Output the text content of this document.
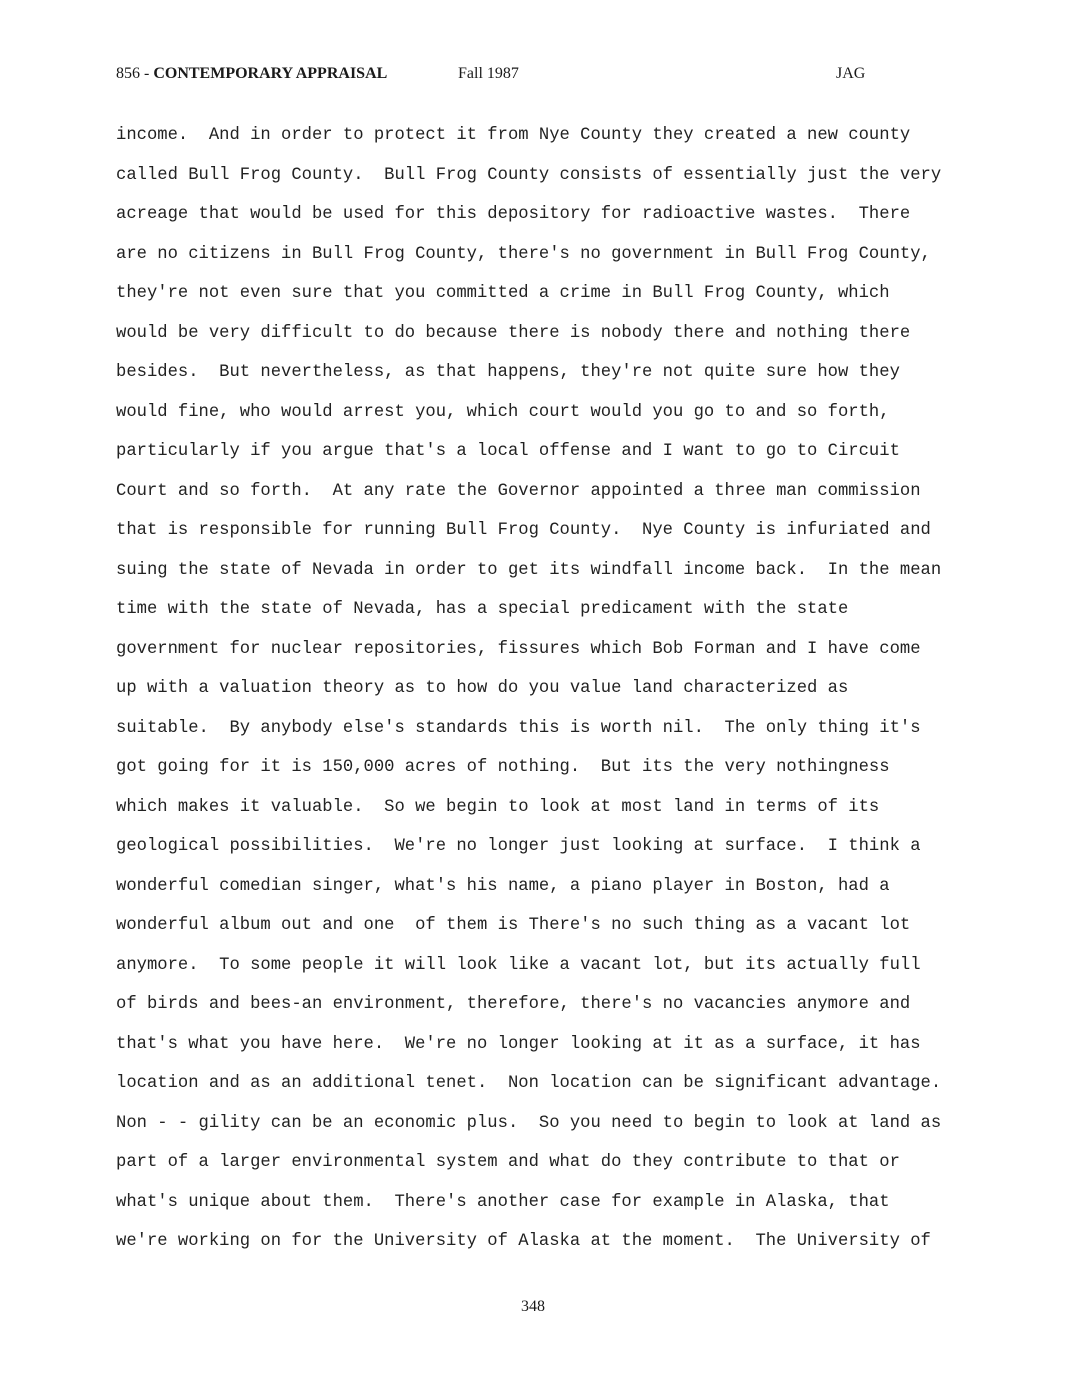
856 - CONTEMPORARY APPRAISAL	Fall 1987	JAG
income.  And in order to protect it from Nye County they created a new county
called Bull Frog County.  Bull Frog County consists of essentially just the very
acreage that would be used for this depository for radioactive wastes.  There
are no citizens in Bull Frog County, there's no government in Bull Frog County,
they're not even sure that you committed a crime in Bull Frog County, which
would be very difficult to do because there is nobody there and nothing there
besides.  But nevertheless, as that happens, they're not quite sure how they
would fine, who would arrest you, which court would you go to and so forth,
particularly if you argue that's a local offense and I want to go to Circuit
Court and so forth.  At any rate the Governor appointed a three man commission
that is responsible for running Bull Frog County.  Nye County is infuriated and
suing the state of Nevada in order to get its windfall income back.  In the mean
time with the state of Nevada, has a special predicament with the state
government for nuclear repositories, fissures which Bob Forman and I have come
up with a valuation theory as to how do you value land characterized as
suitable.  By anybody else's standards this is worth nil.  The only thing it's
got going for it is 150,000 acres of nothing.  But its the very nothingness
which makes it valuable.  So we begin to look at most land in terms of its
geological possibilities.  We're no longer just looking at surface.  I think a
wonderful comedian singer, what's his name, a piano player in Boston, had a
wonderful album out and one  of them is There's no such thing as a vacant lot
anymore.  To some people it will look like a vacant lot, but its actually full
of birds and bees-an environment, therefore, there's no vacancies anymore and
that's what you have here.  We're no longer looking at it as a surface, it has
location and as an additional tenet.  Non location can be significant advantage.
Non - - gility can be an economic plus.  So you need to begin to look at land as
part of a larger environmental system and what do they contribute to that or
what's unique about them.  There's another case for example in Alaska, that
we're working on for the University of Alaska at the moment.  The University of
348
